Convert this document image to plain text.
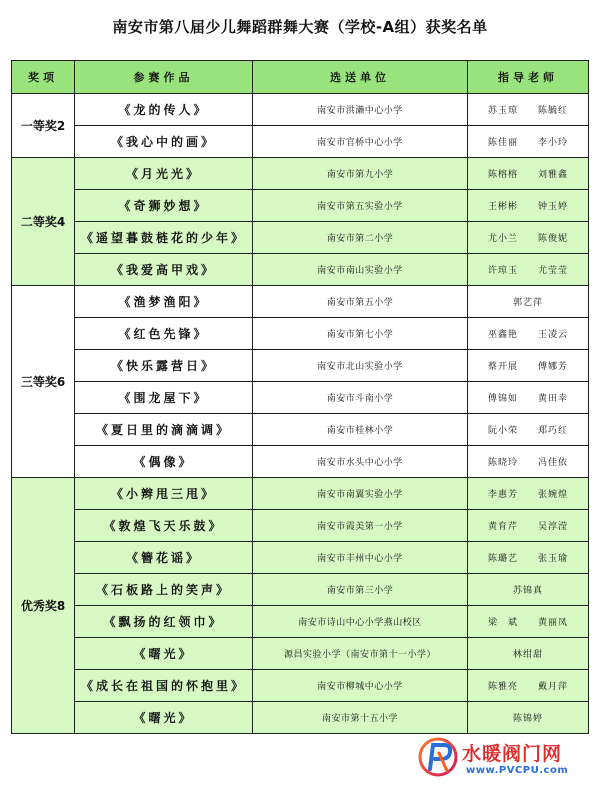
南安市第八届少儿舞蹈群舞大赛（学校-A组）获奖名单
奖项	参赛作品	选送单位	指导老师
一等奖2	《龙的传人》	南安市洪濑中心小学	苏玉琼 陈毓红

	《我心中的画》	南安市官桥中心小学	陈佳丽 李小玲

二等奖4	《月光光》	南安市第九小学	陈榕榕 刘雅鑫

	《奇狮妙想》	南安市第五实验小学	王彬彬 钟玉婷

	《遥望暮鼓梿花的少年》	南安市第二小学	尤小兰 陈俊妮

	《我爱高甲戏》	南安市南山实验小学	许琼玉 尤莹莹

三等奖6	《渔梦渔阳》	南安市第五小学	郭艺萍

	《红色先锋》	南安市第七小学	巫鑫艳 王凌云

	《快乐露营日》	南安市北山实验小学	蔡开展 傅娜芳

	《围龙屋下》	南安市斗南小学	傅锦如 黄田幸

	《夏日里的滴滴调》	南安市桂林小学	阮小荣 郑巧红

	《偶像》	南安市水头中心小学	陈晓玲 冯佳依

优秀奖8	《小辫甩三甩》	南安市南翼实验小学	李惠芳 张婉煌

	《敦煌飞天乐鼓》	南安市霞美第一小学	黄育芹 吴淳滢

	《簪花谣》	南安市丰州中心小学	陈璐艺 张玉瑜

	《石板路上的笑声》	南安市第三小学	苏锦真

	《飘扬的红领巾》	南安市诗山中心小学燕山校区	梁　斌 黄丽凤

	《曙光》	源昌实验小学（南安市第十一小学）	林绀甜

	《成长在祖国的怀抱里》	南安市柳城中心小学	陈雅亮 戴月萍

	《曙光》	南安市第十五小学	陈锦婷
水暖阀门网
www.PVCPU.com
